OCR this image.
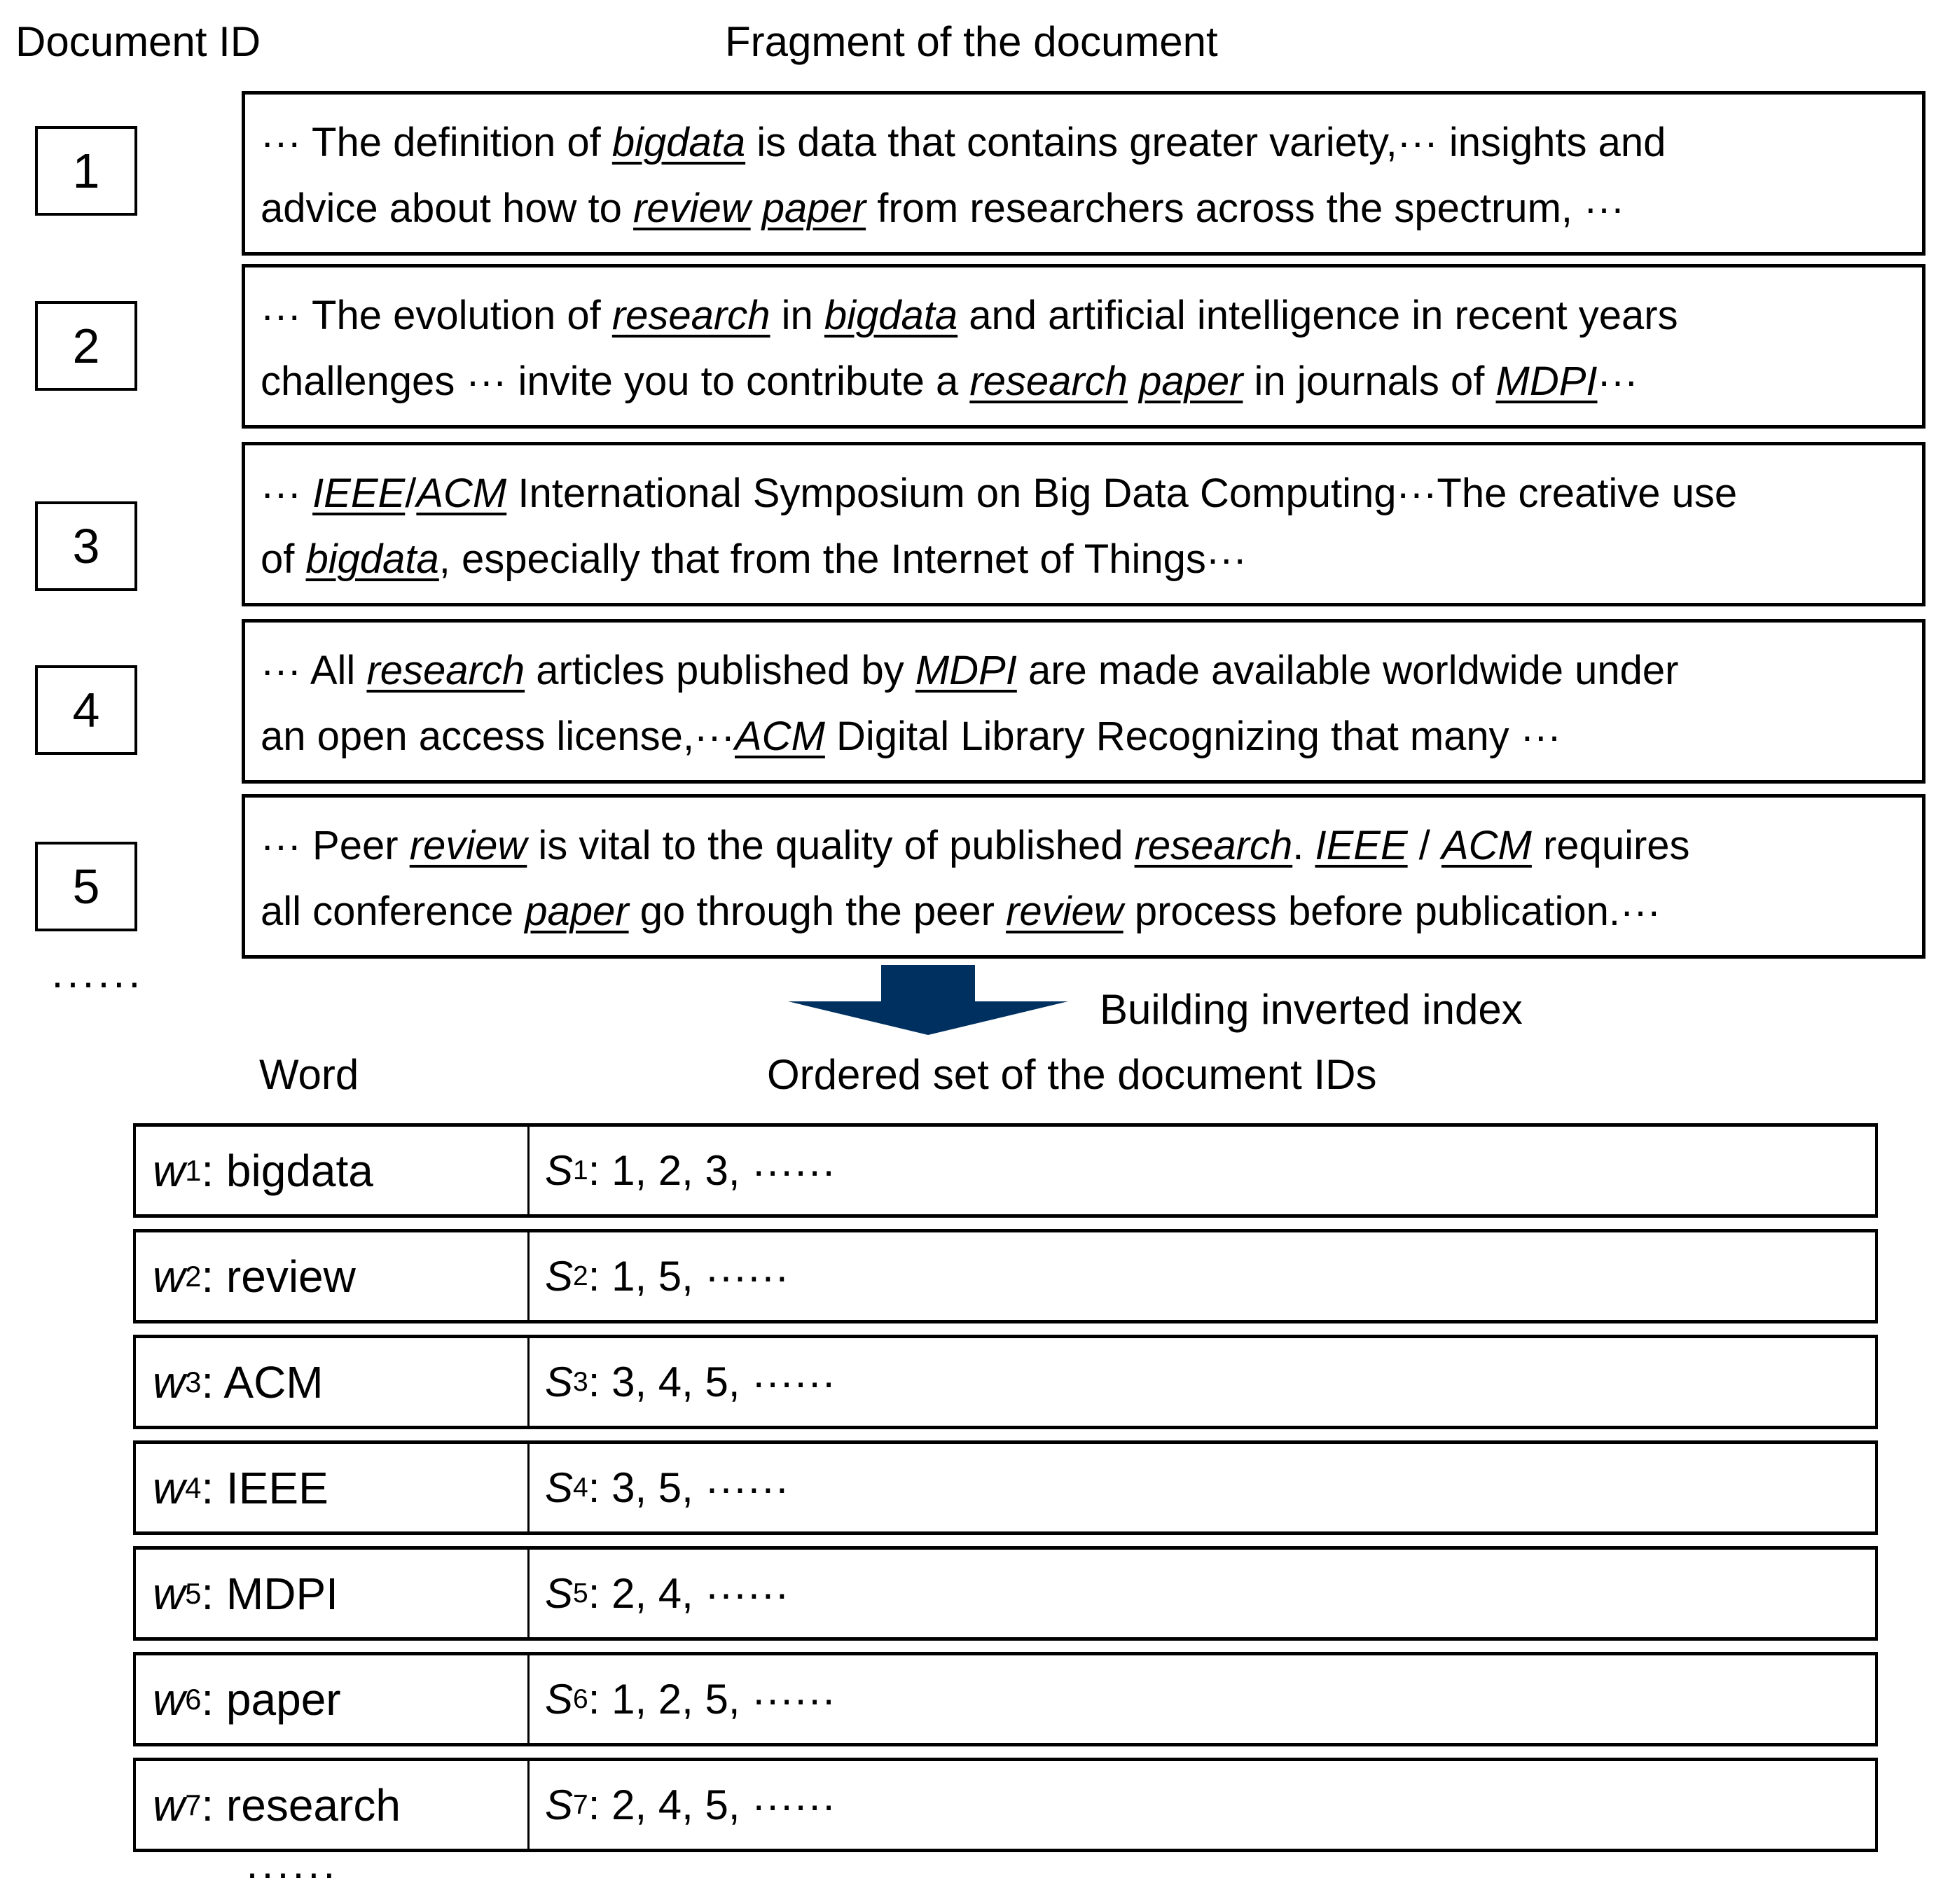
Document ID	Fragment of the document
1
··· The definition of bigdata is data that contains greater variety,··· insights and
advice about how to review paper from researchers across the spectrum, ···
2
··· The evolution of research in bigdata and artificial intelligence in recent years
challenges ··· invite you to contribute a research paper in journals of MDPI···
3
··· IEEE/ACM International Symposium on Big Data Computing···The creative use
of bigdata, especially that from the Internet of Things···
4
··· All research articles published by MDPI are made available worldwide under
an open access license,···ACM Digital Library Recognizing that many ···
5
··· Peer review is vital to the quality of published research. IEEE / ACM requires
all conference paper go through the peer review process before publication.···
······
Building inverted index
Word	Ordered set of the document IDs
w 1 : bigdata	S 1 : 1, 2, 3, ······
w 2 : review	S 2 : 1, 5, ······
w 3 : ACM	S 3 : 3, 4, 5, ······
w 4 : IEEE	S 4 : 3, 5, ······
w 5 : MDPI	S 5 : 2, 4, ······
w 6 : paper	S 6 : 1, 2, 5, ······
w 7 : research	S 7 : 2, 4, 5, ······
······
